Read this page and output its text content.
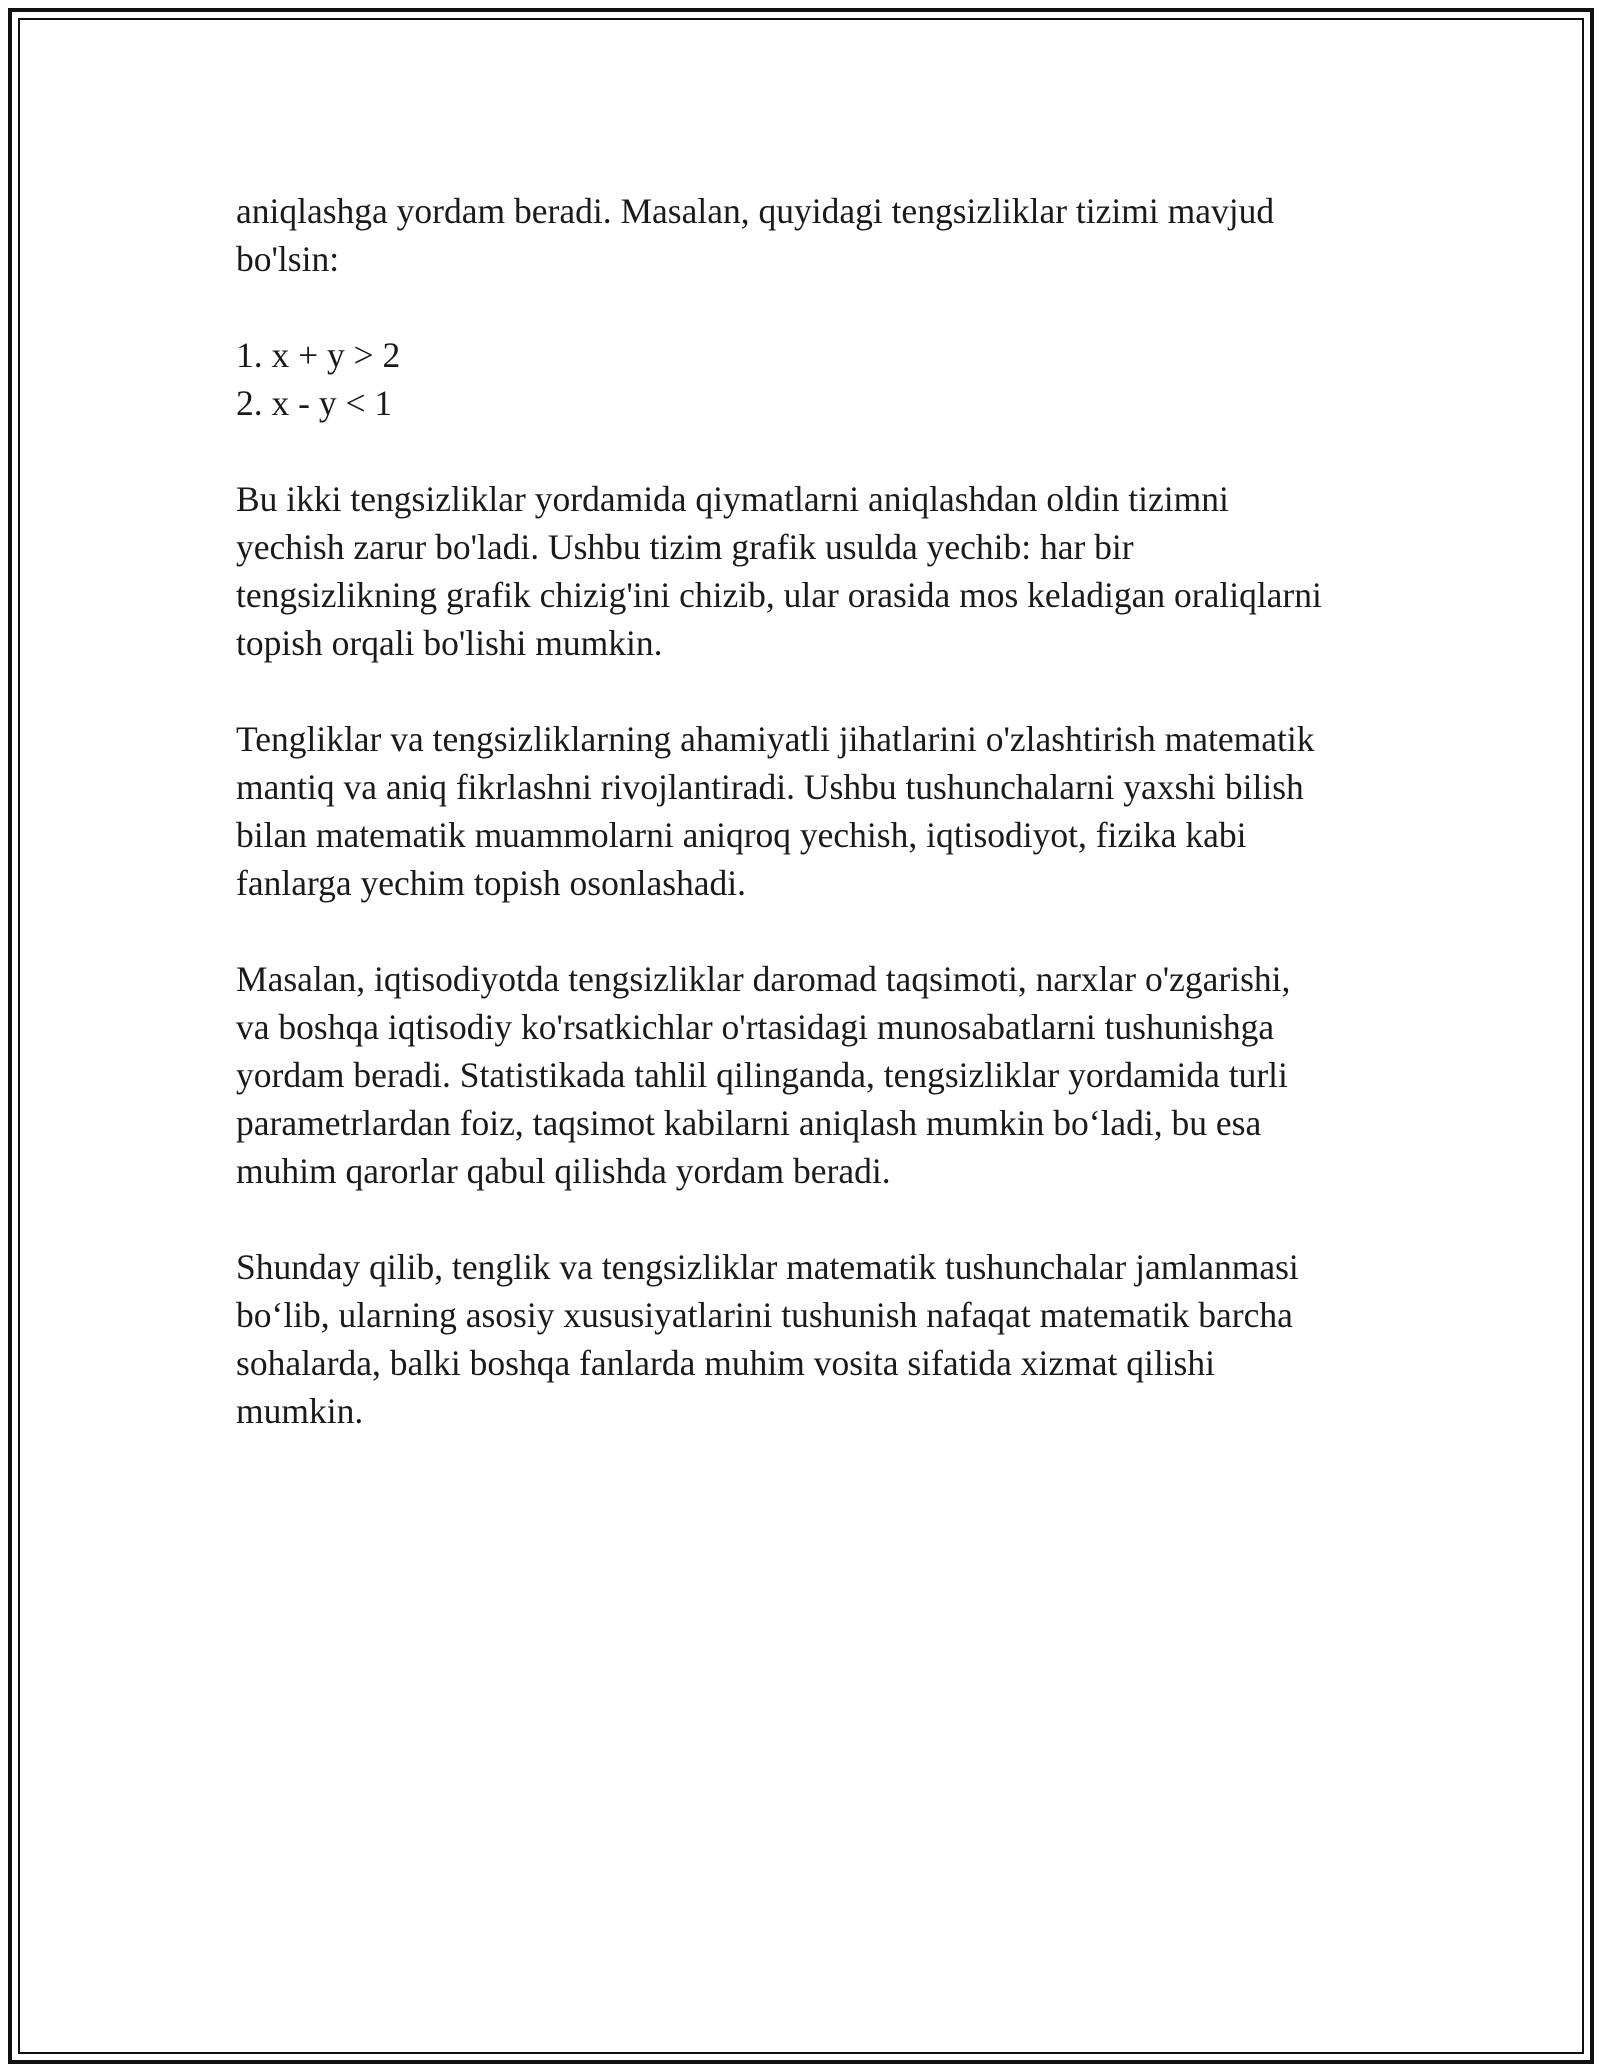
aniqlashga yordam beradi. Masalan, quyidagi tengsizliklar tizimi mavjud
bo'lsin:

1. x + y > 2
2. x - y < 1

Bu ikki tengsizliklar yordamida qiymatlarni aniqlashdan oldin tizimni
yechish zarur bo'ladi. Ushbu tizim grafik usulda yechib: har bir
tengsizlikning grafik chizig'ini chizib, ular orasida mos keladigan oraliqlarni
topish orqali bo'lishi mumkin.

Tengliklar va tengsizliklarning ahamiyatli jihatlarini o'zlashtirish matematik
mantiq va aniq fikrlashni rivojlantiradi. Ushbu tushunchalarni yaxshi bilish
bilan matematik muammolarni aniqroq yechish, iqtisodiyot, fizika kabi
fanlarga yechim topish osonlashadi.

Masalan, iqtisodiyotda tengsizliklar daromad taqsimoti, narxlar o'zgarishi,
va boshqa iqtisodiy ko'rsatkichlar o'rtasidagi munosabatlarni tushunishga
yordam beradi. Statistikada tahlil qilinganda, tengsizliklar yordamida turli
parametrlardan foiz, taqsimot kabilarni aniqlash mumkin bo‘ladi, bu esa
muhim qarorlar qabul qilishda yordam beradi.

Shunday qilib, tenglik va tengsizliklar matematik tushunchalar jamlanmasi
bo‘lib, ularning asosiy xususiyatlarini tushunish nafaqat matematik barcha
sohalarda, balki boshqa fanlarda muhim vosita sifatida xizmat qilishi
mumkin.
